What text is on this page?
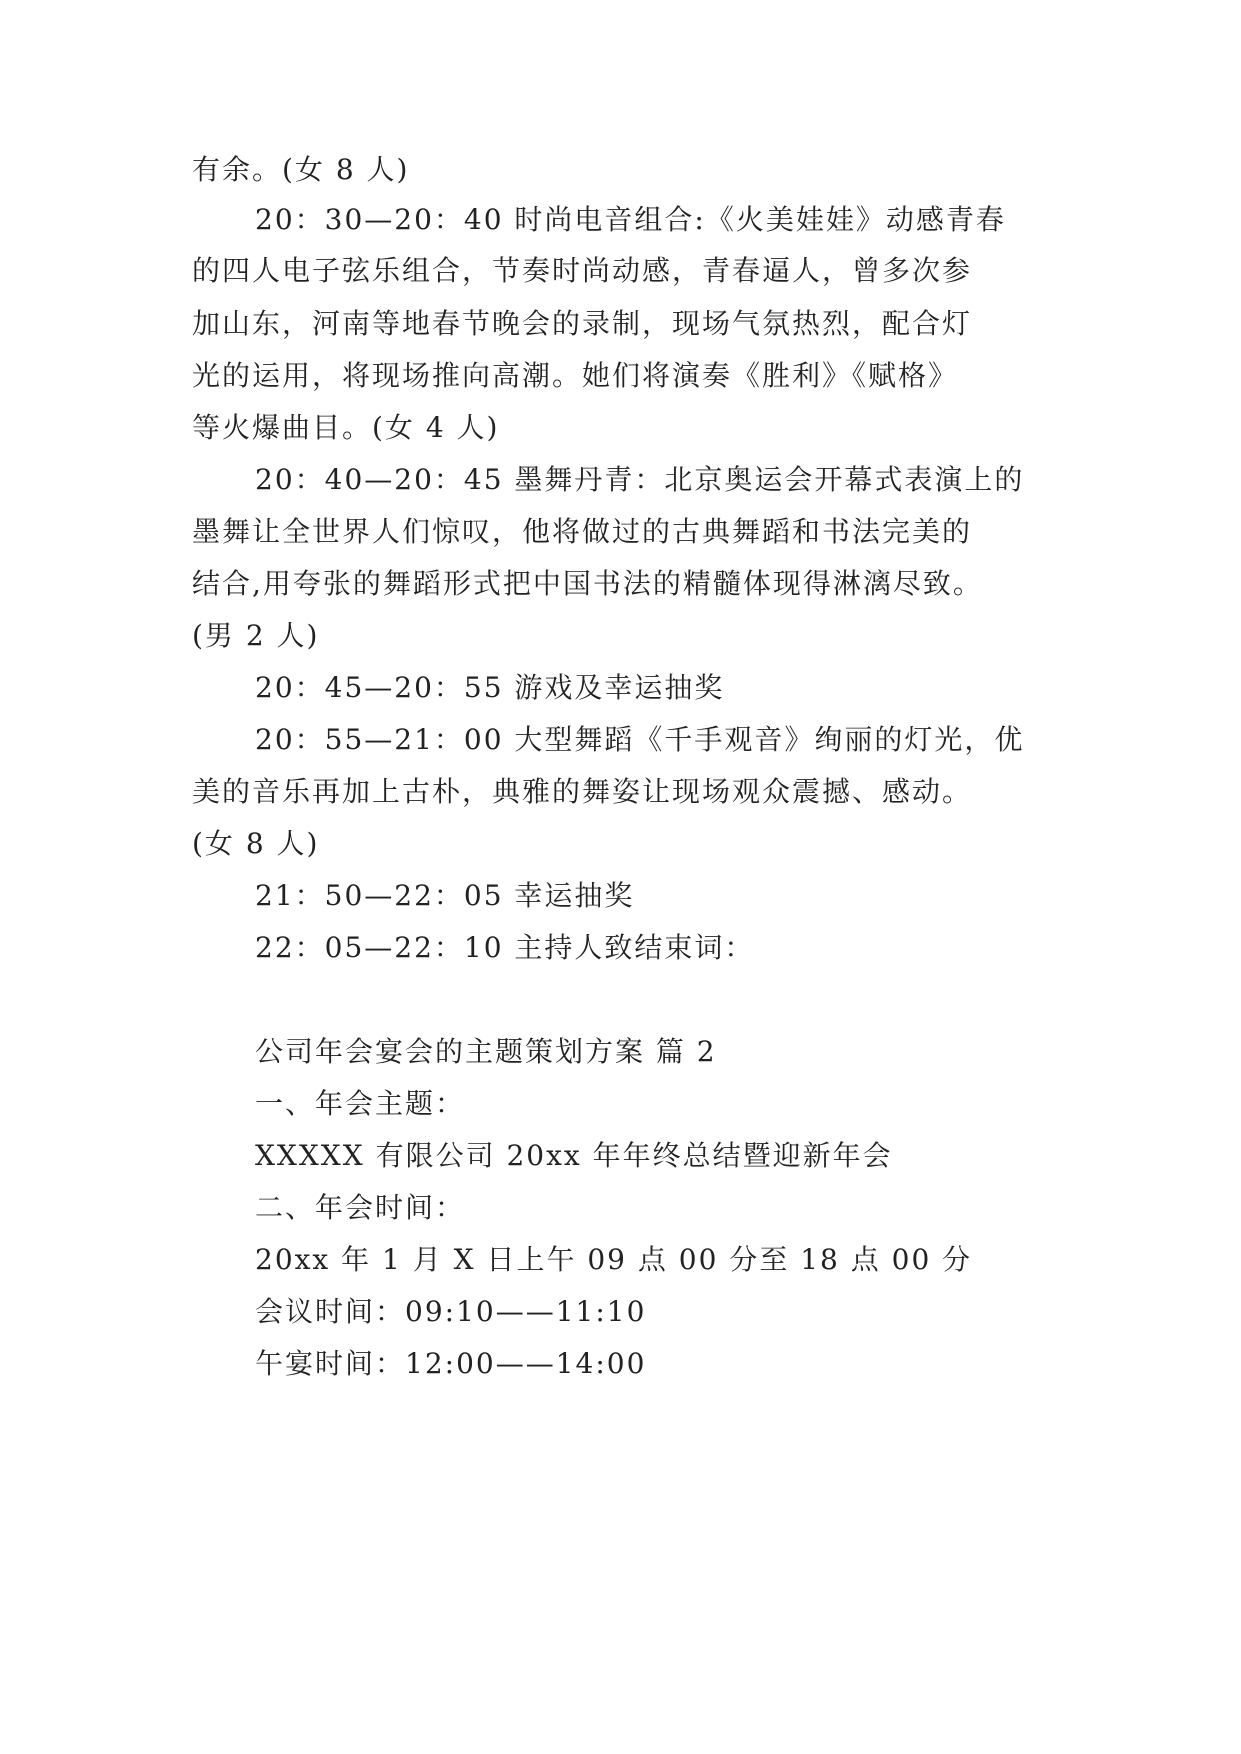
有余。(女 8 人)
20：30—20：40 时尚电音组合:《火美娃娃》动感青春
的四人电子弦乐组合，节奏时尚动感，青春逼人，曾多次参
加山东，河南等地春节晚会的录制，现场气氛热烈，配合灯
光的运用，将现场推向高潮。她们将演奏《胜利》《赋格》
等火爆曲目。(女 4 人)
20：40—20：45 墨舞丹青：北京奥运会开幕式表演上的
墨舞让全世界人们惊叹，他将做过的古典舞蹈和书法完美的
结合,用夸张的舞蹈形式把中国书法的精髓体现得淋漓尽致。
(男 2 人)
20：45—20：55 游戏及幸运抽奖
20：55—21：00 大型舞蹈《千手观音》绚丽的灯光，优
美的音乐再加上古朴，典雅的舞姿让现场观众震撼、感动。
(女 8 人)
21：50—22：05 幸运抽奖
22：05—22：10 主持人致结束词：
公司年会宴会的主题策划方案 篇 2
一、年会主题：
XXXXX 有限公司 20xx 年年终总结暨迎新年会
二、年会时间：
20xx 年 1 月 X 日上午 09 点 00 分至 18 点 00 分
会议时间：09:10——11:10
午宴时间：12:00——14:00
